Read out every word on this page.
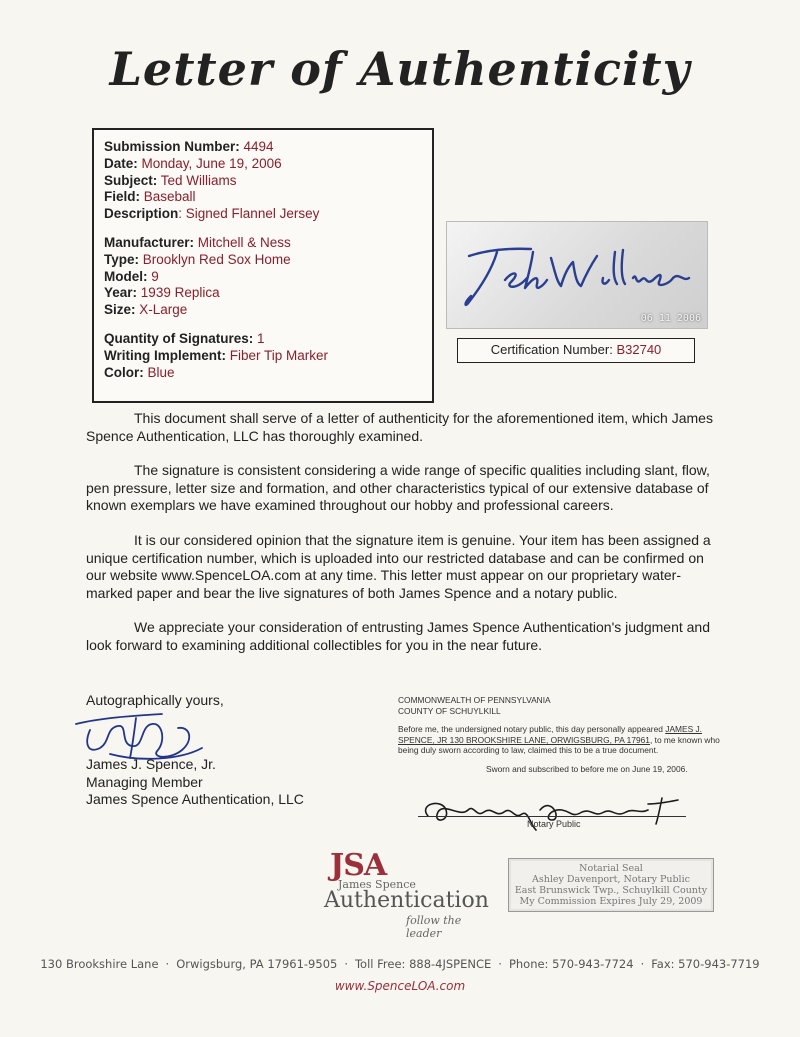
Letter of Authenticity
Submission Number: 4494
Date: Monday, June 19, 2006
Subject: Ted Williams
Field: Baseball
Description: Signed Flannel Jersey
Manufacturer: Mitchell & Ness
Type: Brooklyn Red Sox Home
Model: 9
Year: 1939 Replica
Size: X-Large
Quantity of Signatures: 1
Writing Implement: Fiber Tip Marker
Color: Blue
06 11 2006
Certification Number: B32740

This document shall serve of a letter of authenticity for the aforementioned item, which James Spence Authentication, LLC has thoroughly examined.

The signature is consistent considering a wide range of specific qualities including slant, flow, pen pressure, letter size and formation, and other characteristics typical of our extensive database of known exemplars we have examined throughout our hobby and professional careers.

It is our considered opinion that the signature item is genuine. Your item has been assigned a unique certification number, which is uploaded into our restricted database and can be confirmed on our website www.SpenceLOA.com at any time. This letter must appear on our proprietary water-marked paper and bear the live signatures of both James Spence and a notary public.

We appreciate your consideration of entrusting James Spence Authentication's judgment and look forward to examining additional collectibles for you in the near future.

Autographically yours,
James J. Spence, Jr.
Managing Member
James Spence Authentication, LLC
COMMONWEALTH OF PENNSYLVANIA
COUNTY OF SCHUYLKILL
Before me, the undersigned notary public, this day personally appeared JAMES J. SPENCE, JR 130 BROOKSHIRE LANE, ORWIGSBURG, PA 17961, to me known who being duly sworn according to law, claimed this to be a true document.
Sworn and subscribed to before me on June 19, 2006.
Notary Public
JSA
James Spence
Authentication
follow the leader
Notarial Seal
Ashley Davenport, Notary Public
East Brunswick Twp., Schuylkill County
My Commission Expires July 29, 2009
130 Brookshire Lane · Orwigsburg, PA 17961-9505 · Toll Free: 888-4JSPENCE · Phone: 570-943-7724 · Fax: 570-943-7719
www.SpenceLOA.com
